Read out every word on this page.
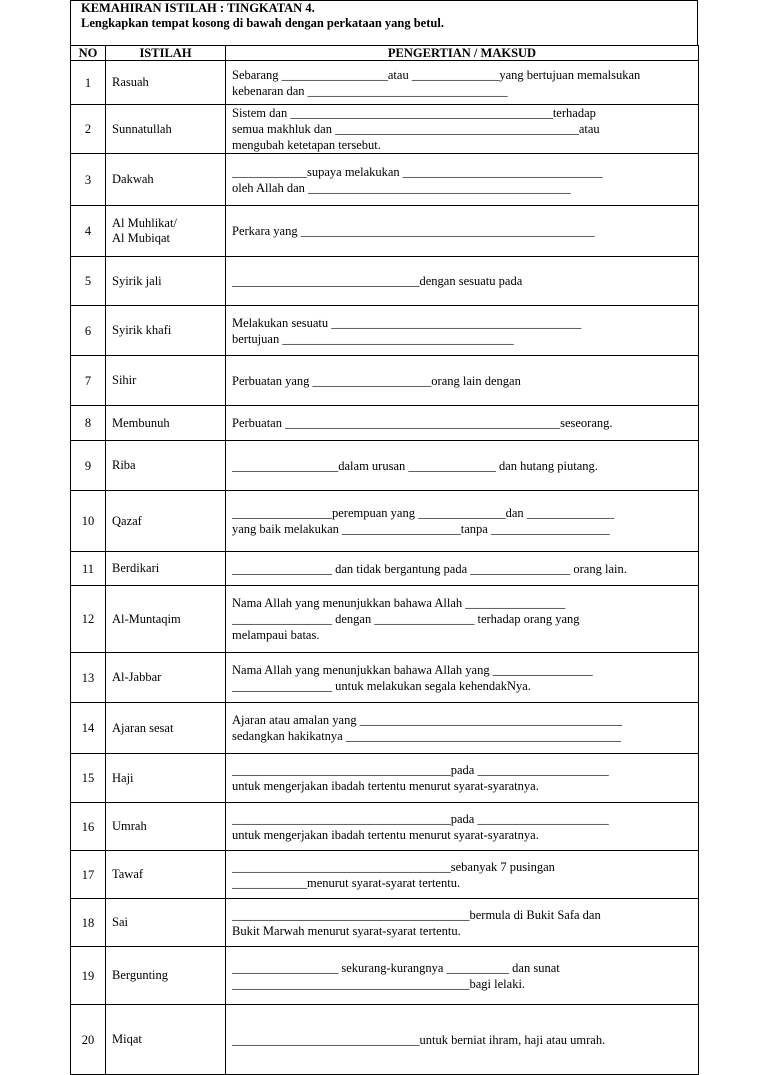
KEMAHIRAN ISTILAH : TINGKATAN 4.
Lengkapkan tempat kosong di bawah dengan perkataan yang betul.
NO	ISTILAH	PENGERTIAN / MAKSUD
1	Rasuah	Sebarang _________________atau ______________yang bertujuan memalsukan
kebenaran dan ________________________________

2	Sunnatullah	Sistem dan __________________________________________terhadap
semua makhluk dan _______________________________________atau
mengubah ketetapan tersebut.

3	Dakwah	____________supaya melakukan ________________________________
oleh Allah dan __________________________________________

4	Al Muhlikat/
Al Mubiqat	Perkara yang _______________________________________________

5	Syirik jali	______________________________dengan sesuatu pada

6	Syirik khafi	Melakukan sesuatu ________________________________________
bertujuan _____________________________________

7	Sihir	Perbuatan yang ___________________orang lain dengan

8	Membunuh	Perbuatan ____________________________________________seseorang.

9	Riba	_________________dalam urusan ______________ dan hutang piutang.

10	Qazaf	________________perempuan yang ______________dan ______________
yang baik melakukan ___________________tanpa ___________________

11	Berdikari	________________ dan tidak bergantung pada ________________ orang lain.

12	Al-Muntaqim	Nama Allah yang menunjukkan bahawa Allah ________________
________________ dengan ________________ terhadap orang yang
melampaui batas.

13	Al-Jabbar	Nama Allah yang menunjukkan bahawa Allah yang ________________
________________ untuk melakukan segala kehendakNya.

14	Ajaran sesat	Ajaran atau amalan yang __________________________________________
sedangkan hakikatnya ____________________________________________

15	Haji	___________________________________pada _____________________
untuk mengerjakan ibadah tertentu menurut syarat-syaratnya.

16	Umrah	___________________________________pada _____________________
untuk mengerjakan ibadah tertentu menurut syarat-syaratnya.

17	Tawaf	___________________________________sebanyak 7 pusingan
____________menurut syarat-syarat tertentu.

18	Sai	______________________________________bermula di Bukit Safa dan
Bukit Marwah menurut syarat-syarat tertentu.

19	Bergunting	_________________ sekurang-kurangnya __________ dan sunat
______________________________________bagi lelaki.

20	Miqat	______________________________untuk berniat ihram, haji atau umrah.
